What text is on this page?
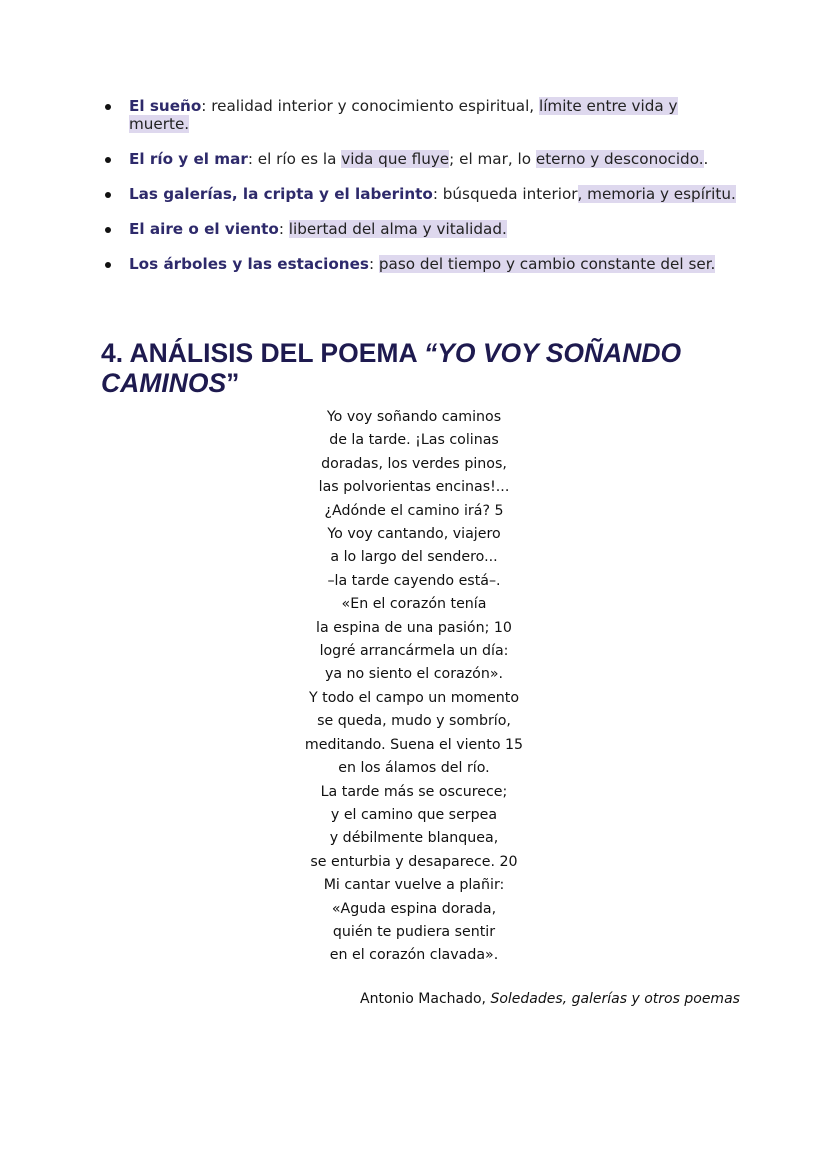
El sueño: realidad interior y conocimiento espiritual, límite entre vida y muerte.
El río y el mar: el río es la vida que fluye; el mar, lo eterno y desconocido..
Las galerías, la cripta y el laberinto: búsqueda interior, memoria y espíritu.
El aire o el viento: libertad del alma y vitalidad.
Los árboles y las estaciones: paso del tiempo y cambio constante del ser.
4. ANÁLISIS DEL POEMA “YO VOY SOÑANDO CAMINOS”
Yo voy soñando caminos
de la tarde. ¡Las colinas
doradas, los verdes pinos,
las polvorientas encinas!...
¿Adónde el camino irá? 5
Yo voy cantando, viajero
a lo largo del sendero...
–la tarde cayendo está–.
«En el corazón tenía
la espina de una pasión; 10
logré arrancármela un día:
ya no siento el corazón».
Y todo el campo un momento
se queda, mudo y sombrío,
meditando. Suena el viento 15
en los álamos del río.
La tarde más se oscurece;
y el camino que serpea
y débilmente blanquea,
se enturbia y desaparece. 20
Mi cantar vuelve a plañir:
«Aguda espina dorada,
quién te pudiera sentir
en el corazón clavada».
Antonio Machado, Soledades, galerías y otros poemas
